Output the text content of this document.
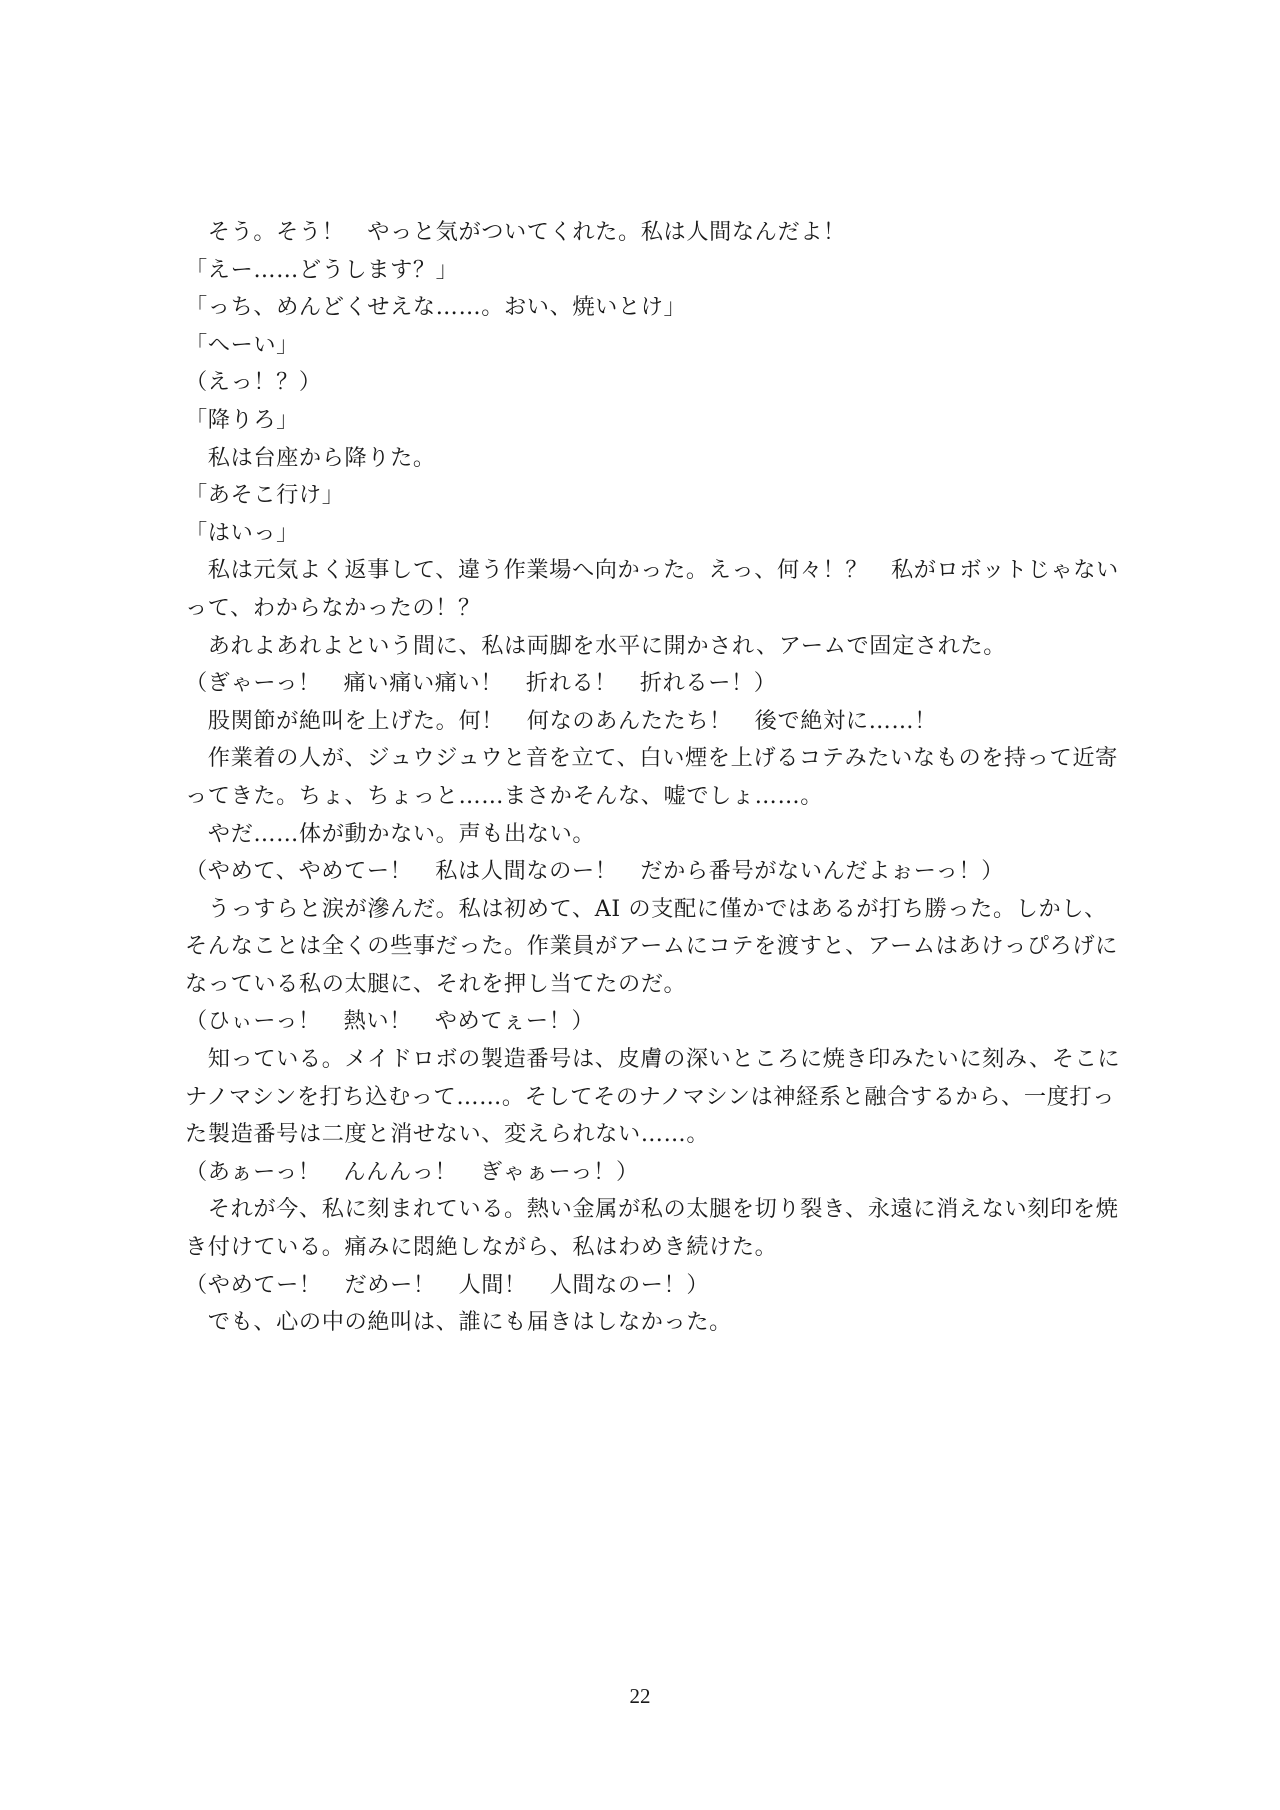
　そう。そう！　やっと気がついてくれた。私は人間なんだよ！
「えー……どうします？」
「っち、めんどくせえな……。おい、焼いとけ」
「へーい」
（えっ！？）
「降りろ」
　私は台座から降りた。
「あそこ行け」
「はいっ」
　私は元気よく返事して、違う作業場へ向かった。えっ、何々！？　私がロボットじゃない
って、わからなかったの！？
　あれよあれよという間に、私は両脚を水平に開かされ、アームで固定された。
（ぎゃーっ！　痛い痛い痛い！　折れる！　折れるー！）
　股関節が絶叫を上げた。何！　何なのあんたたち！　後で絶対に……！
　作業着の人が、ジュウジュウと音を立て、白い煙を上げるコテみたいなものを持って近寄
ってきた。ちょ、ちょっと……まさかそんな、嘘でしょ……。
　やだ……体が動かない。声も出ない。
（やめて、やめてー！　私は人間なのー！　だから番号がないんだよぉーっ！）
　うっすらと涙が滲んだ。私は初めて、AI の支配に僅かではあるが打ち勝った。しかし、
そんなことは全くの些事だった。作業員がアームにコテを渡すと、アームはあけっぴろげに
なっている私の太腿に、それを押し当てたのだ。
（ひぃーっ！　熱い！　やめてぇー！）
　知っている。メイドロボの製造番号は、皮膚の深いところに焼き印みたいに刻み、そこに
ナノマシンを打ち込むって……。そしてそのナノマシンは神経系と融合するから、一度打っ
た製造番号は二度と消せない、変えられない……。
（あぁーっ！　んんんっ！　ぎゃぁーっ！）
　それが今、私に刻まれている。熱い金属が私の太腿を切り裂き、永遠に消えない刻印を焼
き付けている。痛みに悶絶しながら、私はわめき続けた。
（やめてー！　だめー！　人間！　人間なのー！）
　でも、心の中の絶叫は、誰にも届きはしなかった。
22
